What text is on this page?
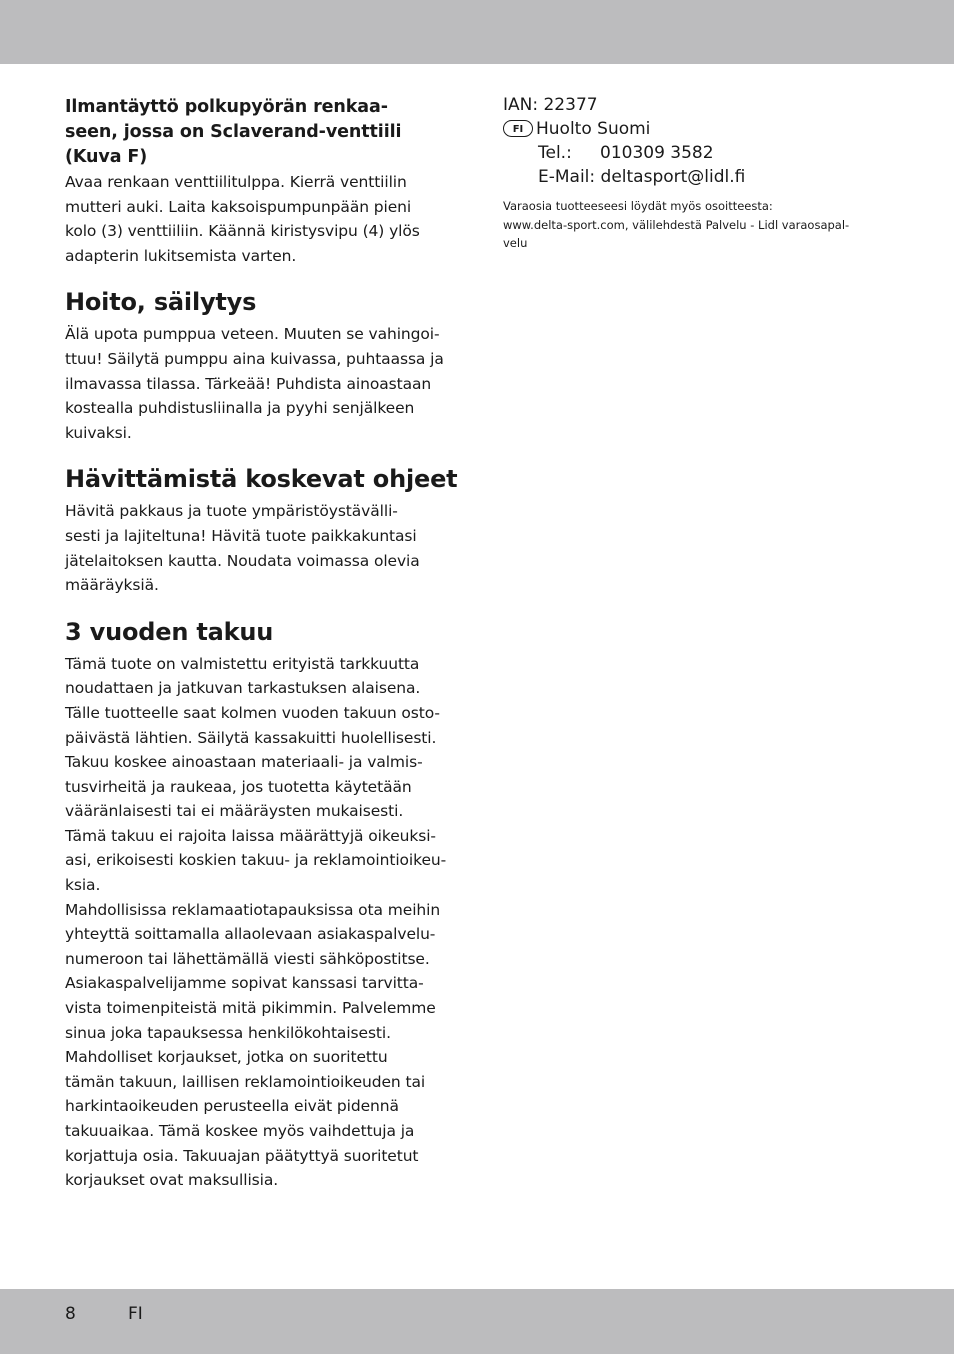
Ilmantäyttö polkupyörän renkaa-
seen, jossa on Sclaverand-venttiili
(Kuva F)

Avaa renkaan venttiilitulppa. Kierrä venttiilin
mutteri auki. Laita kaksoispumpunpään pieni
kolo (3) venttiiliin. Käännä kiristysvipu (4) ylös
adapterin lukitsemista varten.

Hoito, säilytys

Älä upota pumppua veteen. Muuten se vahingoi-
ttuu! Säilytä pumppu aina kuivassa, puhtaassa ja
ilmavassa tilassa. Tärkeää! Puhdista ainoastaan
kostealla puhdistusliinalla ja pyyhi senjälkeen
kuivaksi.

Hävittämistä koskevat ohjeet

Hävitä pakkaus ja tuote ympäristöystävälli-
sesti ja lajiteltuna! Hävitä tuote paikkakuntasi
jätelaitoksen kautta. Noudata voimassa olevia
määräyksiä.

3 vuoden takuu

Tämä tuote on valmistettu erityistä tarkkuutta
noudattaen ja jatkuvan tarkastuksen alaisena.
Tälle tuotteelle saat kolmen vuoden takuun osto-
päivästä lähtien. Säilytä kassakuitti huolellisesti.
Takuu koskee ainoastaan materiaali- ja valmis-
tusvirheitä ja raukeaa, jos tuotetta käytetään
vääränlaisesti tai ei määräysten mukaisesti.
Tämä takuu ei rajoita laissa määrättyjä oikeuksi-
asi, erikoisesti koskien takuu- ja reklamointioikeu-
ksia.
Mahdollisissa reklamaatiotapauksissa ota meihin
yhteyttä soittamalla allaolevaan asiakaspalvelu-
numeroon tai lähettämällä viesti sähköpostitse.
Asiakaspalvelijamme sopivat kanssasi tarvitta-
vista toimenpiteistä mitä pikimmin. Palvelemme
sinua joka tapauksessa henkilökohtaisesti.
Mahdolliset korjaukset, jotka on suoritettu
tämän takuun, laillisen reklamointioikeuden tai
harkintaoikeuden perusteella eivät pidennä
takuuaikaa. Tämä koskee myös vaihdettuja ja
korjattuja osia. Takuuajan päätyttyä suoritetut
korjaukset ovat maksullisia.

IAN: 22377
FI Huolto Suomi
Tel.: 010309 3582
E-Mail: deltasport@lidl.fi
Varaosia tuotteeseesi löydät myös osoitteesta:
www.delta-sport.com, välilehdestä Palvelu - Lidl varaosapal-
velu
8	FI
